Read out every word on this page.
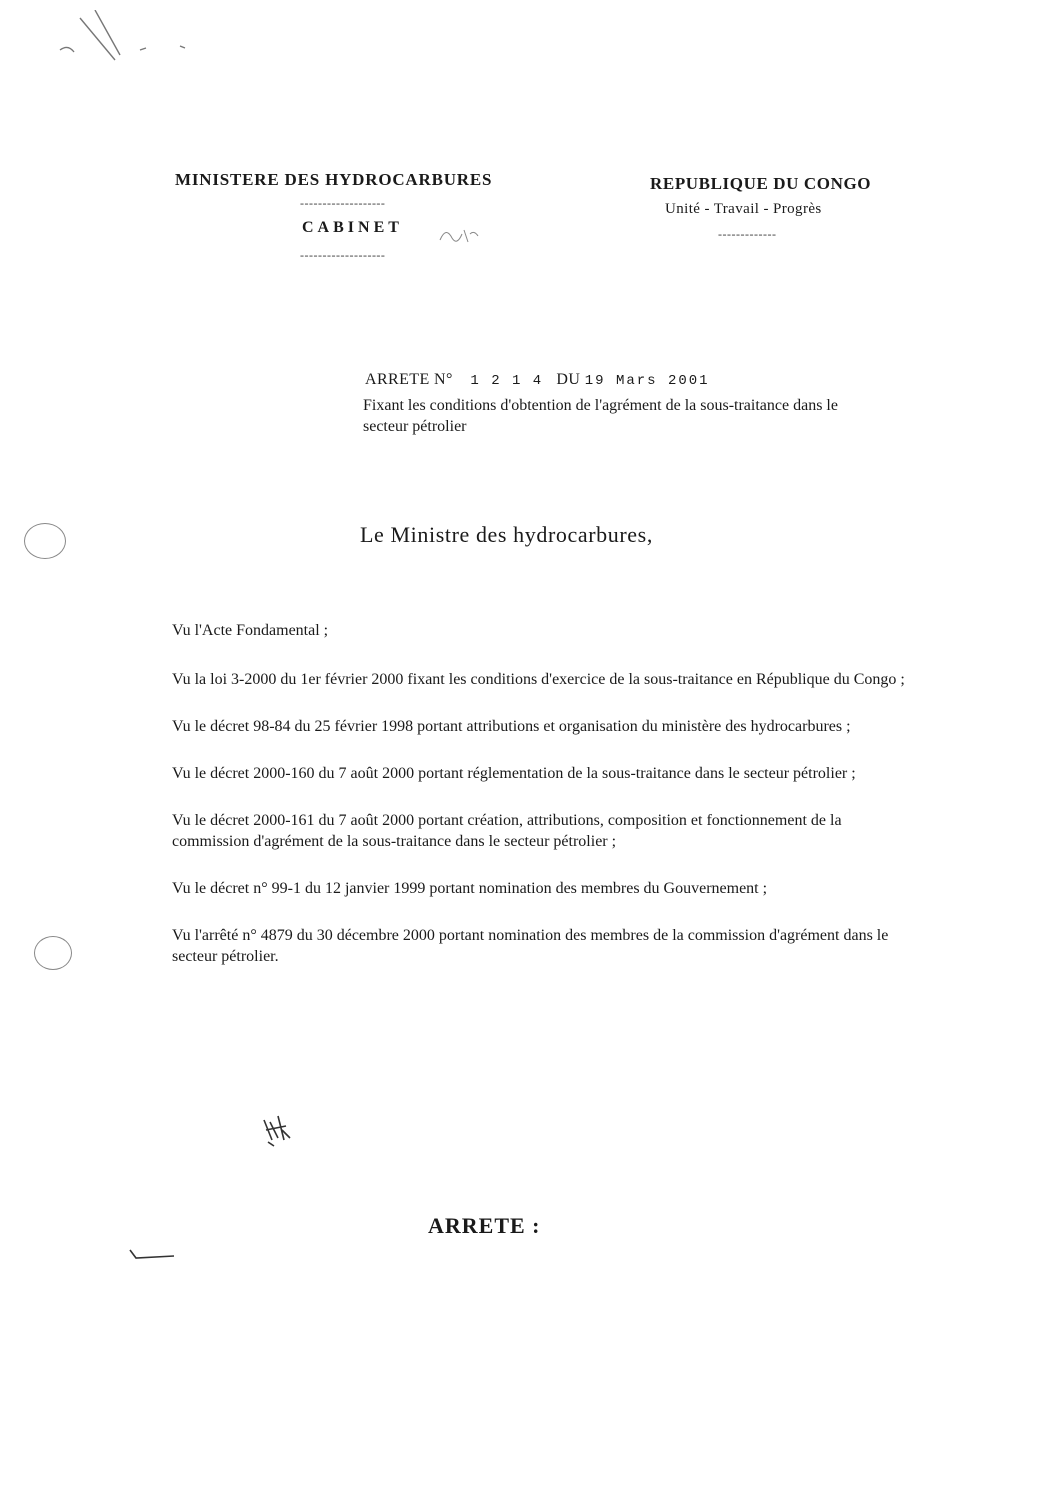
MINISTERE DES HYDROCARBURES
-------------------
CABINET
-------------------
REPUBLIQUE DU CONGO
Unité - Travail - Progrès
-------------
ARRETE N° 1 2 1 4 DU 19 Mars 2001
Fixant les conditions d'obtention de l'agrément de la sous-traitance dans le secteur pétrolier
Le Ministre des hydrocarbures,

Vu l'Acte Fondamental ;

Vu la loi 3-2000 du 1er février 2000 fixant les conditions d'exercice de la sous-traitance en République du Congo ;

Vu le décret 98-84 du 25 février 1998 portant attributions et organisation du ministère des hydrocarbures ;

Vu le décret 2000-160 du 7 août 2000 portant réglementation de la sous-traitance dans le secteur pétrolier ;

Vu le décret 2000-161 du 7 août 2000 portant création, attributions, composition et fonctionnement de la commission d'agrément de la sous-traitance dans le secteur pétrolier ;

Vu le décret n° 99-1 du 12 janvier 1999 portant nomination des membres du Gouvernement ;

Vu l'arrêté n° 4879 du 30 décembre 2000 portant nomination des membres de la commission d'agrément dans le secteur pétrolier.

ARRETE :
